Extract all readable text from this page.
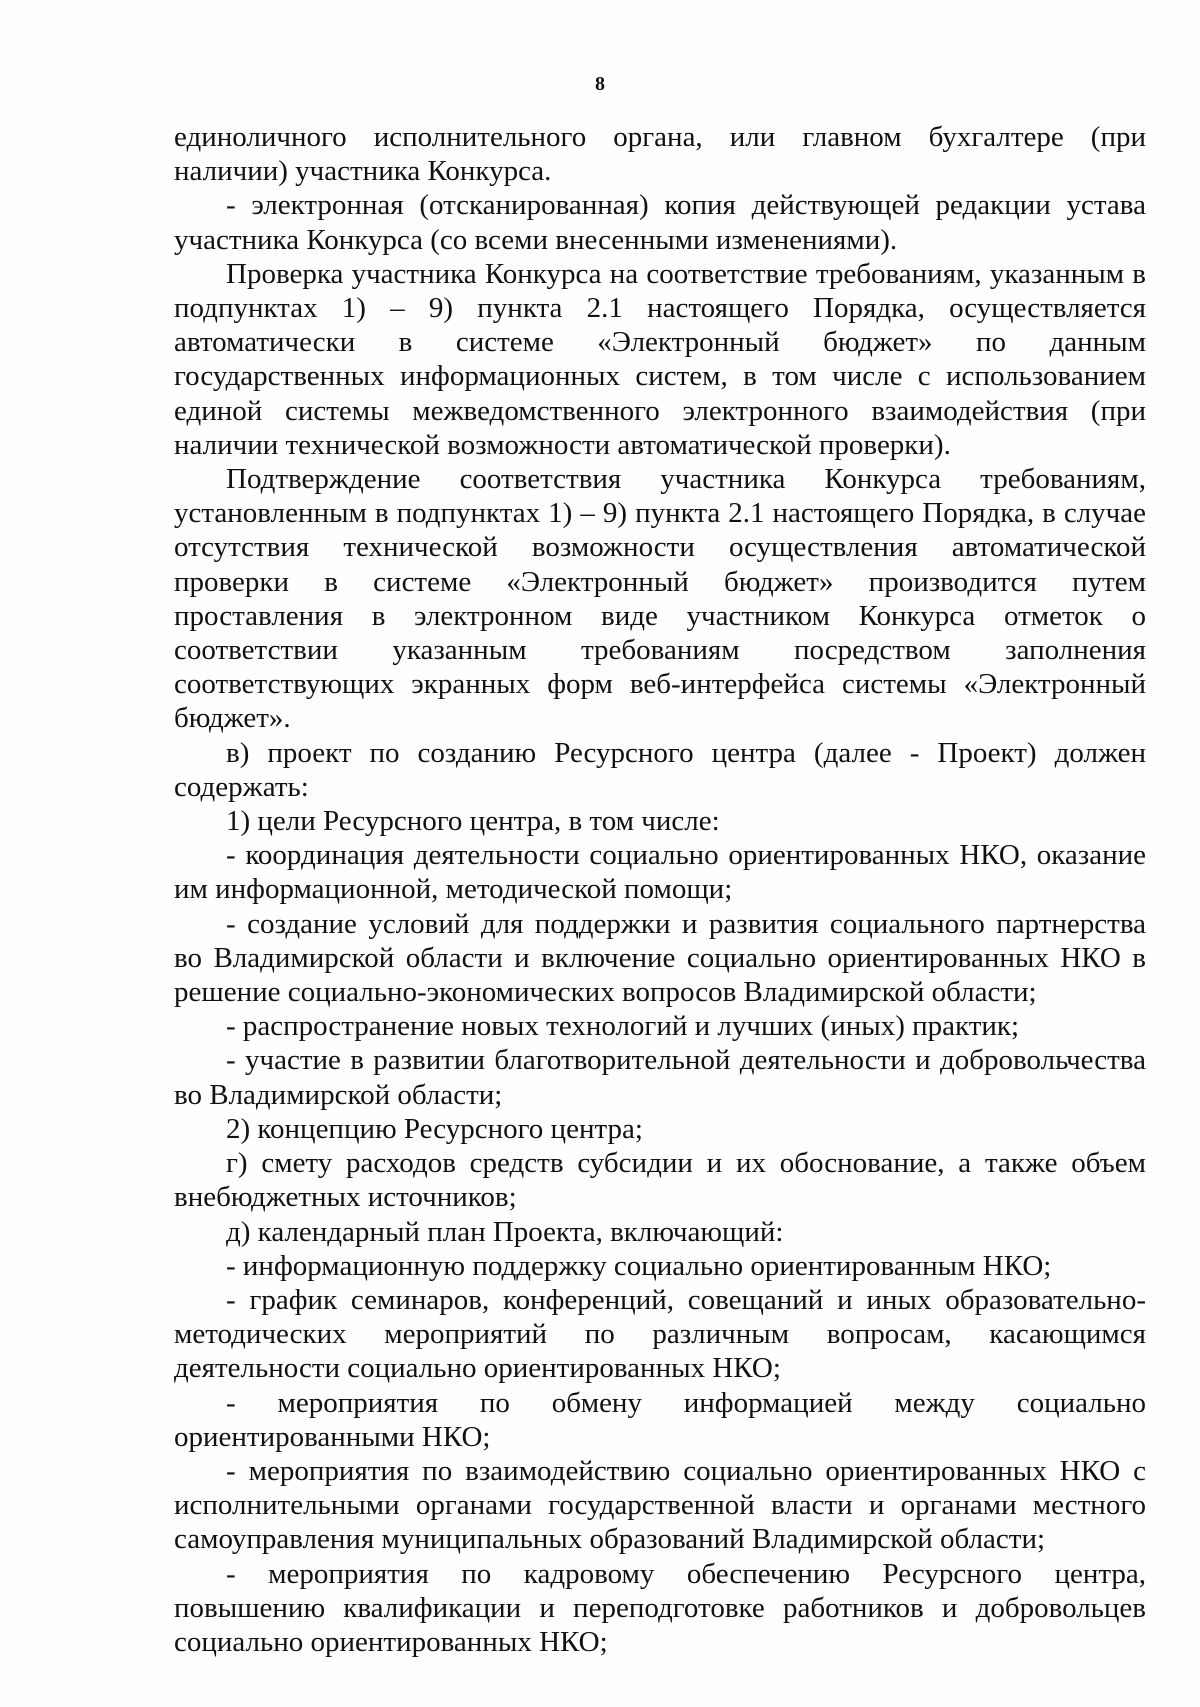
8

единоличного исполнительного органа, или главном бухгалтере (при наличии) участника Конкурса.

- электронная (отсканированная) копия действующей редакции устава участника Конкурса (со всеми внесенными изменениями).

Проверка участника Конкурса на соответствие требованиям, указанным в подпунктах 1) – 9) пункта 2.1 настоящего Порядка, осуществляется автоматически в системе «Электронный бюджет» по данным государственных информационных систем, в том числе с использованием единой системы межведомственного электронного взаимодействия (при наличии технической возможности автоматической проверки).

Подтверждение соответствия участника Конкурса требованиям, установленным в подпунктах 1) – 9) пункта 2.1 настоящего Порядка, в случае отсутствия технической возможности осуществления автоматической проверки в системе «Электронный бюджет» производится путем проставления в электронном виде участником Конкурса отметок о соответствии указанным требованиям посредством заполнения соответствующих экранных форм веб-интерфейса системы «Электронный бюджет».

в) проект по созданию Ресурсного центра (далее - Проект) должен содержать:

1) цели Ресурсного центра, в том числе:

- координация деятельности социально ориентированных НКО, оказание им информационной, методической помощи;

- создание условий для поддержки и развития социального партнерства во Владимирской области и включение социально ориентированных НКО в решение социально-экономических вопросов Владимирской области;

- распространение новых технологий и лучших (иных) практик;

- участие в развитии благотворительной деятельности и добровольчества во Владимирской области;

2) концепцию Ресурсного центра;

г) смету расходов средств субсидии и их обоснование, а также объем внебюджетных источников;

д) календарный план Проекта, включающий:

- информационную поддержку социально ориентированным НКО;

- график семинаров, конференций, совещаний и иных образовательно-методических мероприятий по различным вопросам, касающимся деятельности социально ориентированных НКО;

- мероприятия по обмену информацией между социально ориентированными НКО;

- мероприятия по взаимодействию социально ориентированных НКО с исполнительными органами государственной власти и органами местного самоуправления муниципальных образований Владимирской области;

- мероприятия по кадровому обеспечению Ресурсного центра, повышению квалификации и переподготовке работников и добровольцев социально ориентированных НКО;
